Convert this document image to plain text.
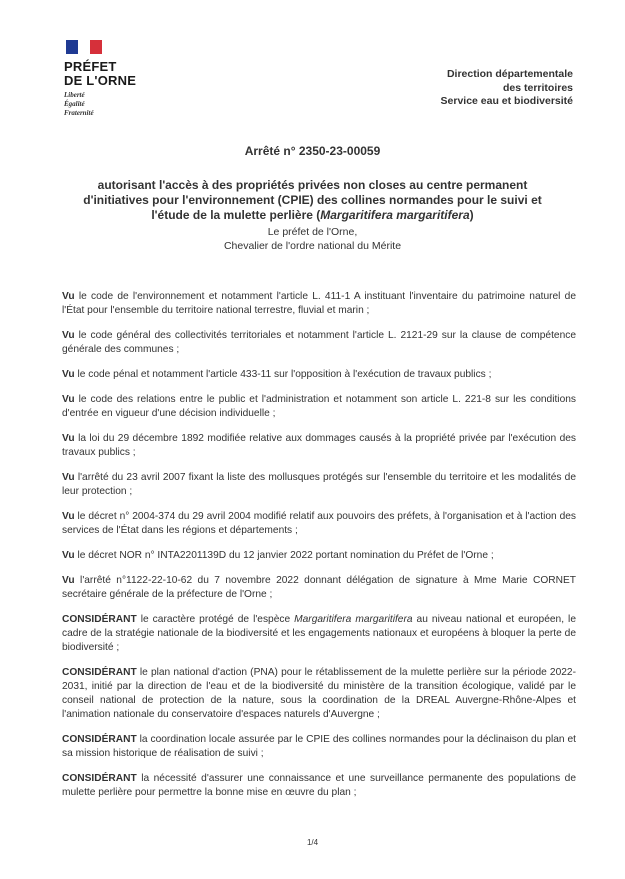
PRÉFET
DE L'ORNE
Liberté
Égalité
Fraternité
Direction départementale
des territoires
Service eau et biodiversité
Arrêté n° 2350-23-00059
autorisant l'accès à des propriétés privées non closes au centre permanent d'initiatives pour l'environnement (CPIE) des collines normandes pour le suivi et l'étude de la mulette perlière (Margaritifera margaritifera)
Le préfet de l'Orne,
Chevalier de l'ordre national du Mérite

Vu le code de l'environnement et notamment l'article L. 411-1 A instituant l'inventaire du patrimoine naturel de l'État pour l'ensemble du territoire national terrestre, fluvial et marin ;

Vu le code général des collectivités territoriales et notamment l'article L. 2121-29 sur la clause de compétence générale des communes ;

Vu le code pénal et notamment l'article 433-11 sur l'opposition à l'exécution de travaux publics ;

Vu le code des relations entre le public et l'administration et notamment son article L. 221-8 sur les conditions d'entrée en vigueur d'une décision individuelle ;

Vu la loi du 29 décembre 1892 modifiée relative aux dommages causés à la propriété privée par l'exécution des travaux publics ;

Vu l'arrêté du 23 avril 2007 fixant la liste des mollusques protégés sur l'ensemble du territoire et les modalités de leur protection ;

Vu le décret n° 2004-374 du 29 avril 2004 modifié relatif aux pouvoirs des préfets, à l'organisation et à l'action des services de l'État dans les régions et départements ;

Vu le décret NOR n° INTA2201139D du 12 janvier 2022 portant nomination du Préfet de l'Orne ;

Vu l'arrêté n°1122-22-10-62 du 7 novembre 2022 donnant délégation de signature à Mme Marie CORNET secrétaire générale de la préfecture de l'Orne ;

CONSIDÉRANT le caractère protégé de l'espèce Margaritifera margaritifera au niveau national et européen, le cadre de la stratégie nationale de la biodiversité et les engagements nationaux et européens à bloquer la perte de biodiversité ;

CONSIDÉRANT le plan national d'action (PNA) pour le rétablissement de la mulette perlière sur la période 2022-2031, initié par la direction de l'eau et de la biodiversité du ministère de la transition écologique, validé par le conseil national de protection de la nature, sous la coordination de la DREAL Auvergne-Rhône-Alpes et l'animation nationale du conservatoire d'espaces naturels d'Auvergne ;

CONSIDÉRANT la coordination locale assurée par le CPIE des collines normandes pour la déclinaison du plan et sa mission historique de réalisation de suivi ;

CONSIDÉRANT la nécessité d'assurer une connaissance et une surveillance permanente des populations de mulette perlière pour permettre la bonne mise en œuvre du plan ;

1/4
